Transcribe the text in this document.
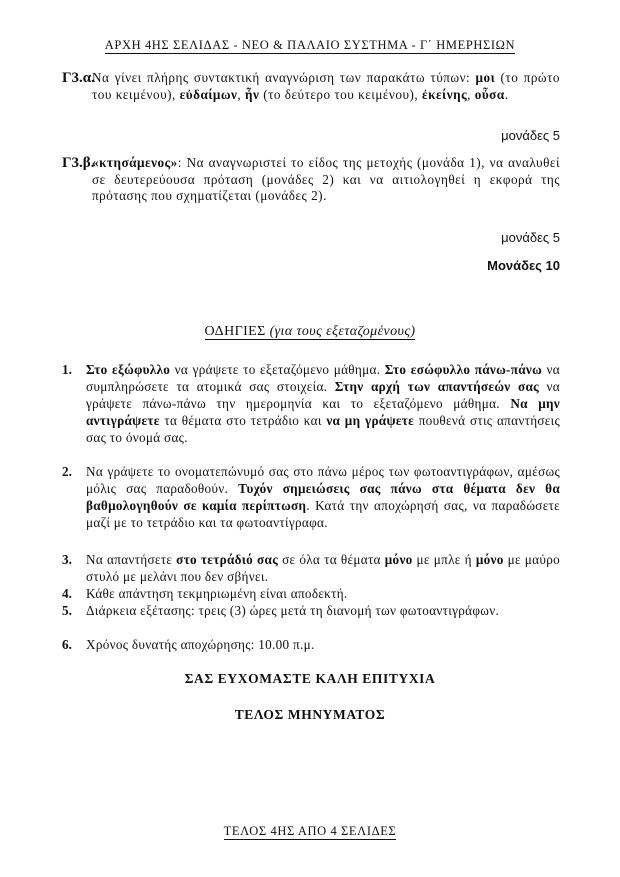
ΑΡΧΗ 4ΗΣ ΣΕΛΙΔΑΣ - ΝΕΟ & ΠΑΛΑΙΟ ΣΥΣΤΗΜΑ - Γ΄ ΗΜΕΡΗΣΙΩΝ
Γ3.α.
Να γίνει πλήρης συντακτική αναγνώριση των παρακάτω τύπων: μοι (το πρώτο του κειμένου), εὐδαίμων, ἦν (το δεύτερο του κειμένου), ἐκείνης, οὖσα.
μονάδες 5
Γ3.β.
«κτησάμενος»: Να αναγνωριστεί το είδος της μετοχής (μονάδα 1), να αναλυθεί σε δευτερεύουσα πρόταση (μονάδες 2) και να αιτιολογηθεί η εκφορά της πρότασης που σχηματίζεται (μονάδες 2).
μονάδες 5
Μονάδες 10
ΟΔΗΓΙΕΣ (για τους εξεταζομένους)
1. Στο εξώφυλλο να γράψετε το εξεταζόμενο μάθημα. Στο εσώφυλλο πάνω-πάνω να συμπληρώσετε τα ατομικά σας στοιχεία. Στην αρχή των απαντήσεών σας να γράψετε πάνω-πάνω την ημερομηνία και το εξεταζόμενο μάθημα. Να μην αντιγράψετε τα θέματα στο τετράδιο και να μη γράψετε πουθενά στις απαντήσεις σας το όνομά σας.
2. Να γράψετε το ονοματεπώνυμό σας στο πάνω μέρος των φωτοαντιγράφων, αμέσως μόλις σας παραδοθούν. Τυχόν σημειώσεις σας πάνω στα θέματα δεν θα βαθμολογηθούν σε καμία περίπτωση. Κατά την αποχώρησή σας, να παραδώσετε μαζί με το τετράδιο και τα φωτοαντίγραφα.
3. Να απαντήσετε στο τετράδιό σας σε όλα τα θέματα μόνο με μπλε ή μόνο με μαύρο στυλό με μελάνι που δεν σβήνει.
4. Κάθε απάντηση τεκμηριωμένη είναι αποδεκτή.
5. Διάρκεια εξέτασης: τρεις (3) ώρες μετά τη διανομή των φωτοαντιγράφων.
6. Χρόνος δυνατής αποχώρησης: 10.00 π.μ.
ΣΑΣ ΕΥΧΟΜΑΣΤΕ ΚΑΛΗ ΕΠΙΤΥΧΙΑ
ΤΕΛΟΣ ΜΗΝΥΜΑΤΟΣ
ΤΕΛΟΣ 4ΗΣ ΑΠΟ 4 ΣΕΛΙΔΕΣ
